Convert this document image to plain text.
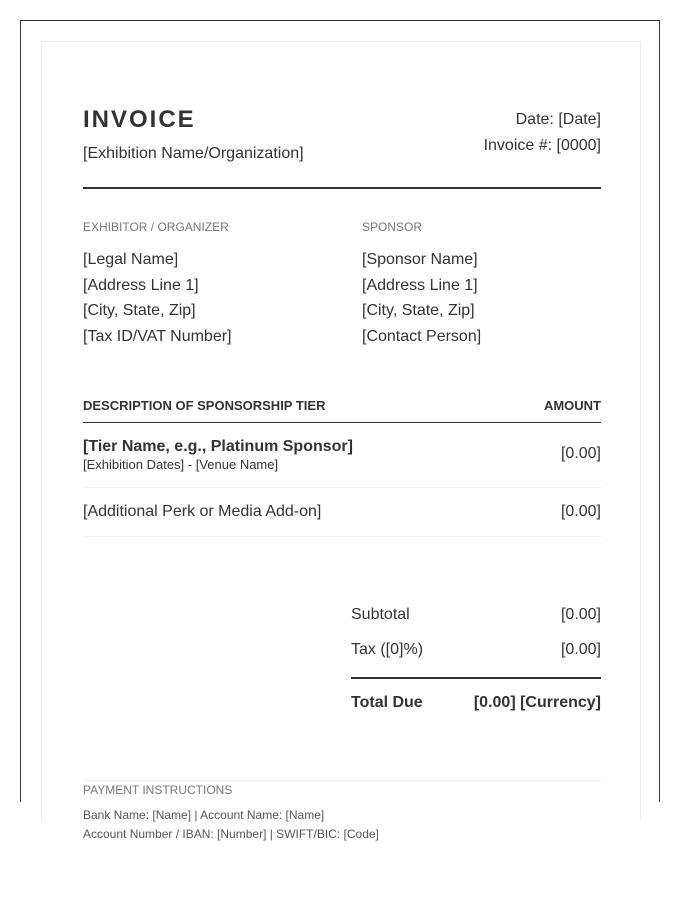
INVOICE
[Exhibition Name/Organization]
Date: [Date]
Invoice #: [0000]
EXHIBITOR / ORGANIZER
[Legal Name]
[Address Line 1]
[City, State, Zip]
[Tax ID/VAT Number]
SPONSOR
[Sponsor Name]
[Address Line 1]
[City, State, Zip]
[Contact Person]
DESCRIPTION OF SPONSORSHIP TIER	AMOUNT
[Tier Name, e.g., Platinum Sponsor]
[Exhibition Dates] - [Venue Name]
[0.00]
[Additional Perk or Media Add-on]	[0.00]
Subtotal	[0.00]
Tax ([0]%)	[0.00]
Total Due	[0.00] [Currency]
PAYMENT INSTRUCTIONS
Bank Name: [Name] | Account Name: [Name]
Account Number / IBAN: [Number] | SWIFT/BIC: [Code]
